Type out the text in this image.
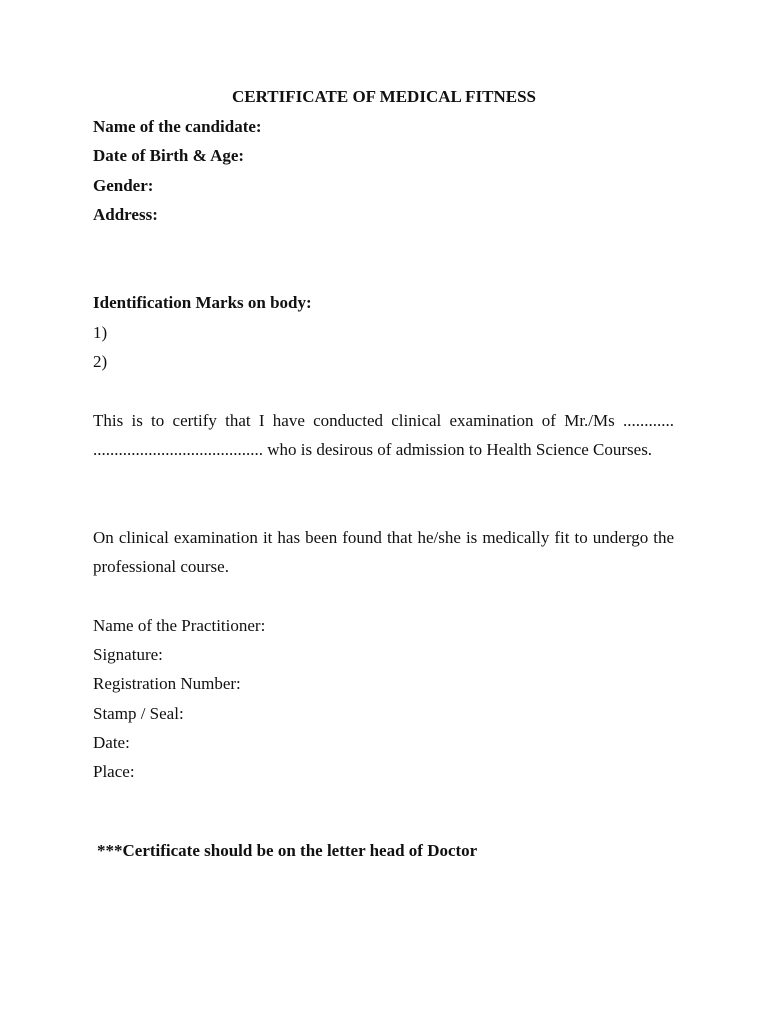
CERTIFICATE OF MEDICAL FITNESS
Name of the candidate:
Date of Birth & Age:
Gender:
Address:
Identification Marks on body:
1)
2)
This is to certify that I have conducted clinical examination of Mr./Ms ............ ........................................ who is desirous of admission to Health Science Courses.
On clinical examination it has been found that he/she is medically fit to undergo the professional course.
Name of the Practitioner:
Signature:
Registration Number:
Stamp / Seal:
Date:
Place:
***Certificate should be on the letter head of Doctor
